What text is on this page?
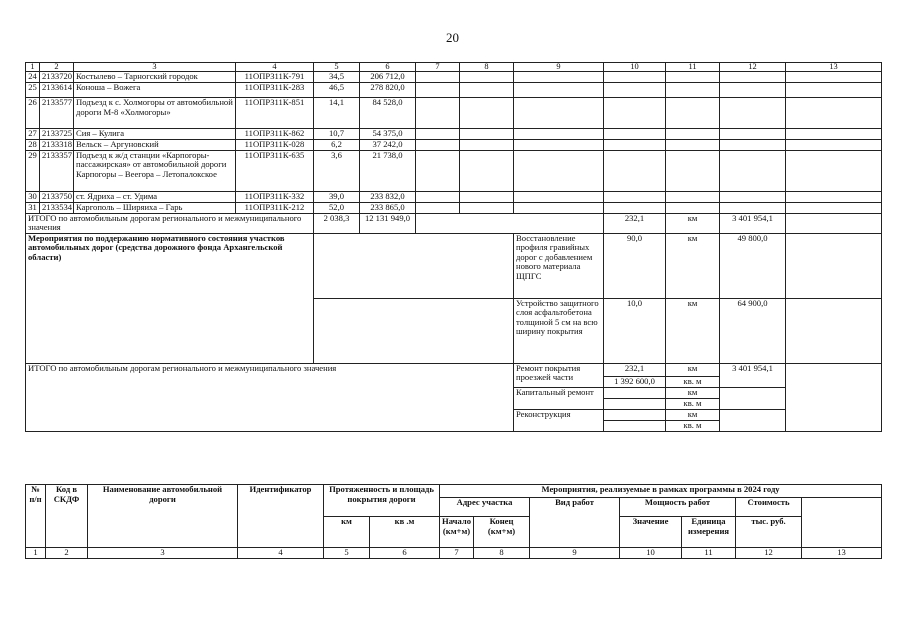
20
1	2	3	4	5	6	7	8	9	10	11	12	13
24	2133720	Костылево – Тарногский городок	11ОПРЗ11К-791	34,5	206 712,0							
25	2133614	Коноша – Вожега	11ОПРЗ11К-283	46,5	278 820,0							
26	2133577	Подъезд к с. Холмогоры от автомобильной дороги М-8 «Холмогоры»	11ОПРЗ11К-851	14,1	84 528,0							
27	2133725	Сия – Кулига	11ОПРЗ11К-862	10,7	54 375,0							
28	2133318	Вельск – Аргуновский	11ОПРЗ11К-028	6,2	37 242,0							
29	2133357	Подъезд к ж/д станции «Карпогоры-пассажирская» от автомобильной дороги Карпогоры – Веегора – Летопалокское	11ОПРЗ11К-635	3,6	21 738,0							
30	2133750	ст. Ядриха – ст. Удима	11ОПРЗ11К-332	39,0	233 832,0							
31	2133534	Каргополь – Ширяиха – Гарь	11ОПРЗ11К-212	52,0	233 865,0							
ИТОГО по автомобильным дорогам регионального и межмуниципального значения				2 038,3	12 131 949,0				232,1	км	3 401 954,1	
Мероприятия по поддержанию нормативного состояния участков автомобильных дорог (средства дорожного фонда Архангельской области)								Восстановление профиля гравийных дорог с добавлением нового материала ЩПГС	90,0	км	49 800,0	
								Устройство защитного слоя асфальтобетона толщиной 5 см на всю ширину покрытия	10,0	км	64 900,0	
ИТОГО по автомобильным дорогам регионального и межмуниципального значения								Ремонт покрытия проезжей части	232,1	км	3 401 954,1	
									1 392 600,0	кв. м		
								Капитальный ремонт		км		
										кв. м		
								Реконструкция		км		
										кв. м		
№ п/п	Код в СКДФ	Наименование автомобильной дороги	Идентификатор	Протяженность и площадь покрытия дороги		Мероприятия, реализуемые в рамках программы в 2024 году	
						Адрес участка		Вид работ	Мощность работ		Стоимость		
				км	кв .м	Начало (км+м)	Конец (км+м)		Значение	Единица измерения	тыс. руб.		
1	2	3	4	5	6	7	8	9	10	11	12	13	
